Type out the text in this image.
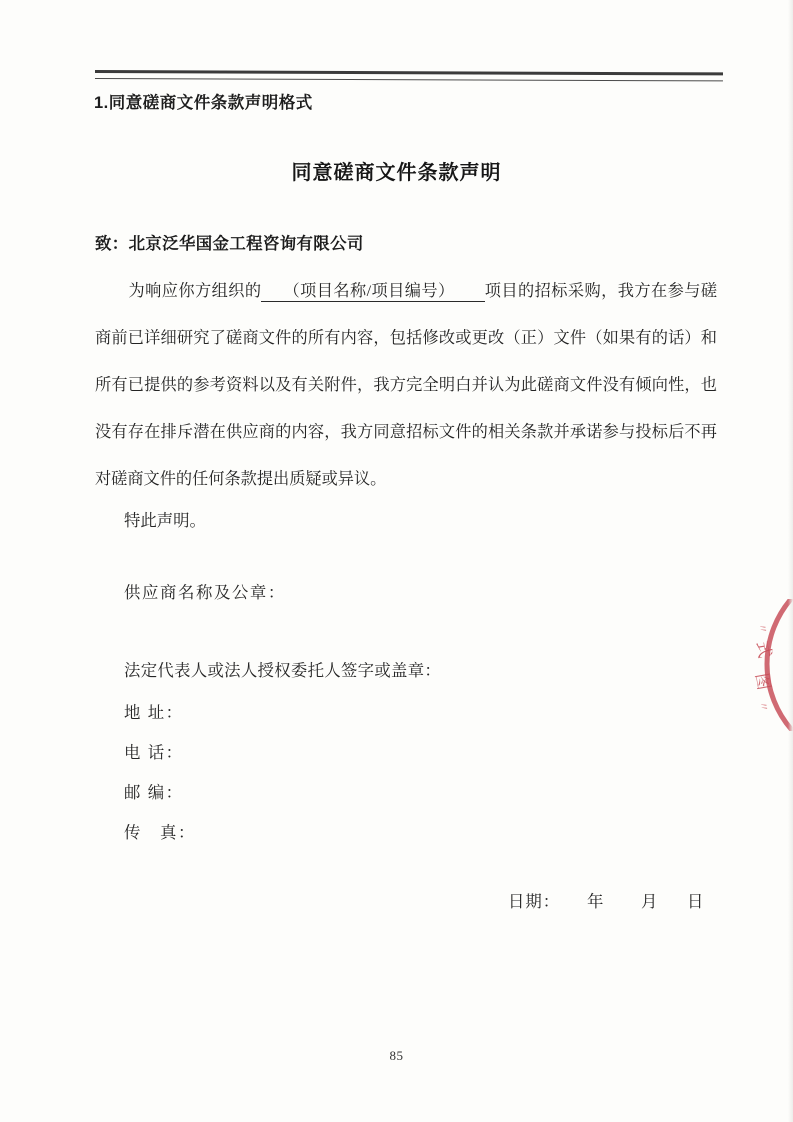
1.同意磋商文件条款声明格式
同意磋商文件条款声明
致：北京泛华国金工程咨询有限公司
为响应你方组织的 （项目名称/项目编号） 项目的招标采购，我方在参与磋
商前已详细研究了磋商文件的所有内容，包括修改或更改（正）文件（如果有的话）和
所有已提供的参考资料以及有关附件，我方完全明白并认为此磋商文件没有倾向性，也
没有存在排斥潜在供应商的内容，我方同意招标文件的相关条款并承诺参与投标后不再
对磋商文件的任何条款提出质疑或异议。
特此声明。
供应商名称及公章：
法定代表人或法人授权委托人签字或盖章：
地 址：
电 话：
邮 编：
传　真：
日期： 年 月 日
85
〃
式
图
〃
